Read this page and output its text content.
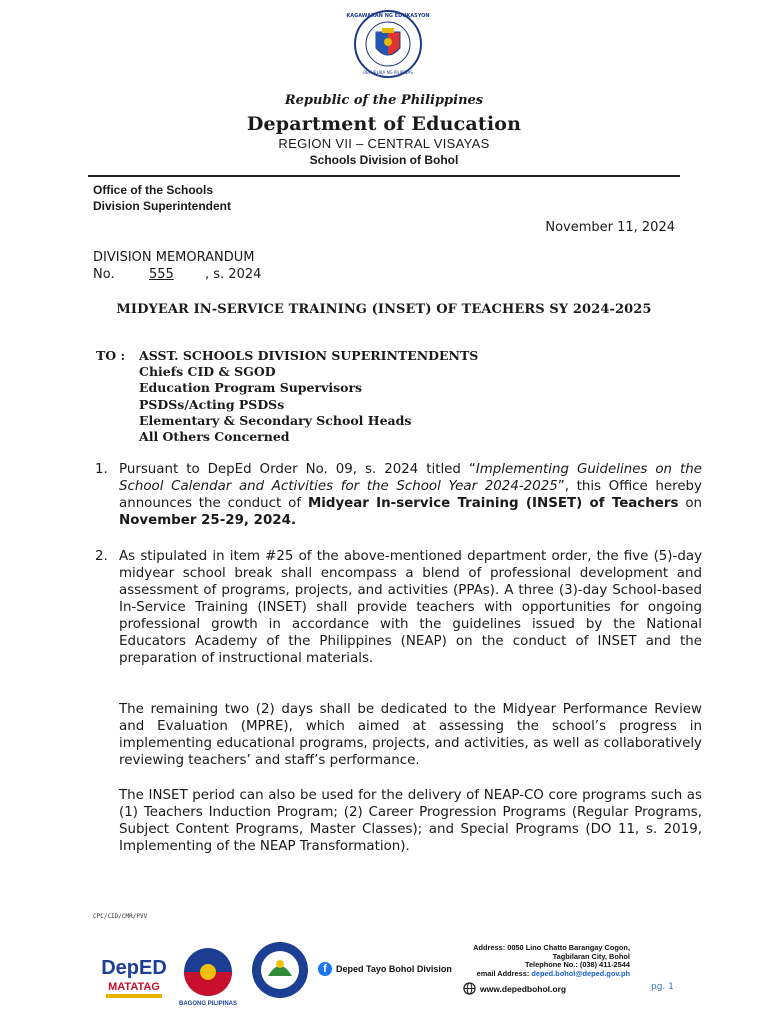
KAGAWARAN NG EDUKASYON
REPUBLIKA NG PILIPINAS
Republic of the Philippines
Department of Education
REGION VII – CENTRAL VISAYAS
Schools Division of Bohol
Office of the Schools
Division Superintendent
November 11, 2024
DIVISION MEMORANDUM
No.	555 , s. 2024
MIDYEAR IN-SERVICE TRAINING (INSET) OF TEACHERS SY 2024-2025
TO : ASST. SCHOOLS DIVISION SUPERINTENDENTS
Chiefs CID & SGOD
Education Program Supervisors
PSDSs/Acting PSDSs
Elementary & Secondary School Heads
All Others Concerned
1. Pursuant to DepEd Order No. 09, s. 2024 titled “Implementing Guidelines on the School Calendar and Activities for the School Year 2024-2025”, this Office hereby announces the conduct of Midyear In-service Training (INSET) of Teachers on November 25-29, 2024.
2. As stipulated in item #25 of the above-mentioned department order, the five (5)-day midyear school break shall encompass a blend of professional development and assessment of programs, projects, and activities (PPAs). A three (3)-day School-based In-Service Training (INSET) shall provide teachers with opportunities for ongoing professional growth in accordance with the guidelines issued by the National Educators Academy of the Philippines (NEAP) on the conduct of INSET and the preparation of instructional materials.
The remaining two (2) days shall be dedicated to the Midyear Performance Review and Evaluation (MPRE), which aimed at assessing the school’s progress in implementing educational programs, projects, and activities, as well as collaboratively reviewing teachers’ and staff’s performance.
The INSET period can also be used for the delivery of NEAP-CO core programs such as (1) Teachers Induction Program; (2) Career Progression Programs (Regular Programs, Subject Content Programs, Master Classes); and Special Programs (DO 11, s. 2019, Implementing of the NEAP Transformation).
CPC/CID/CMR/PVV
DepED
MATATAG
BAGONG PILIPINAS
f	Deped Tayo Bohol Division
Address: 0050 Lino Chatto Barangay Cogon,
Tagbilaran City, Bohol
Telephone No.: (038) 411-2544
email Address: deped.bohol@deped.gov.ph
www.depedbohol.org	pg. 1
